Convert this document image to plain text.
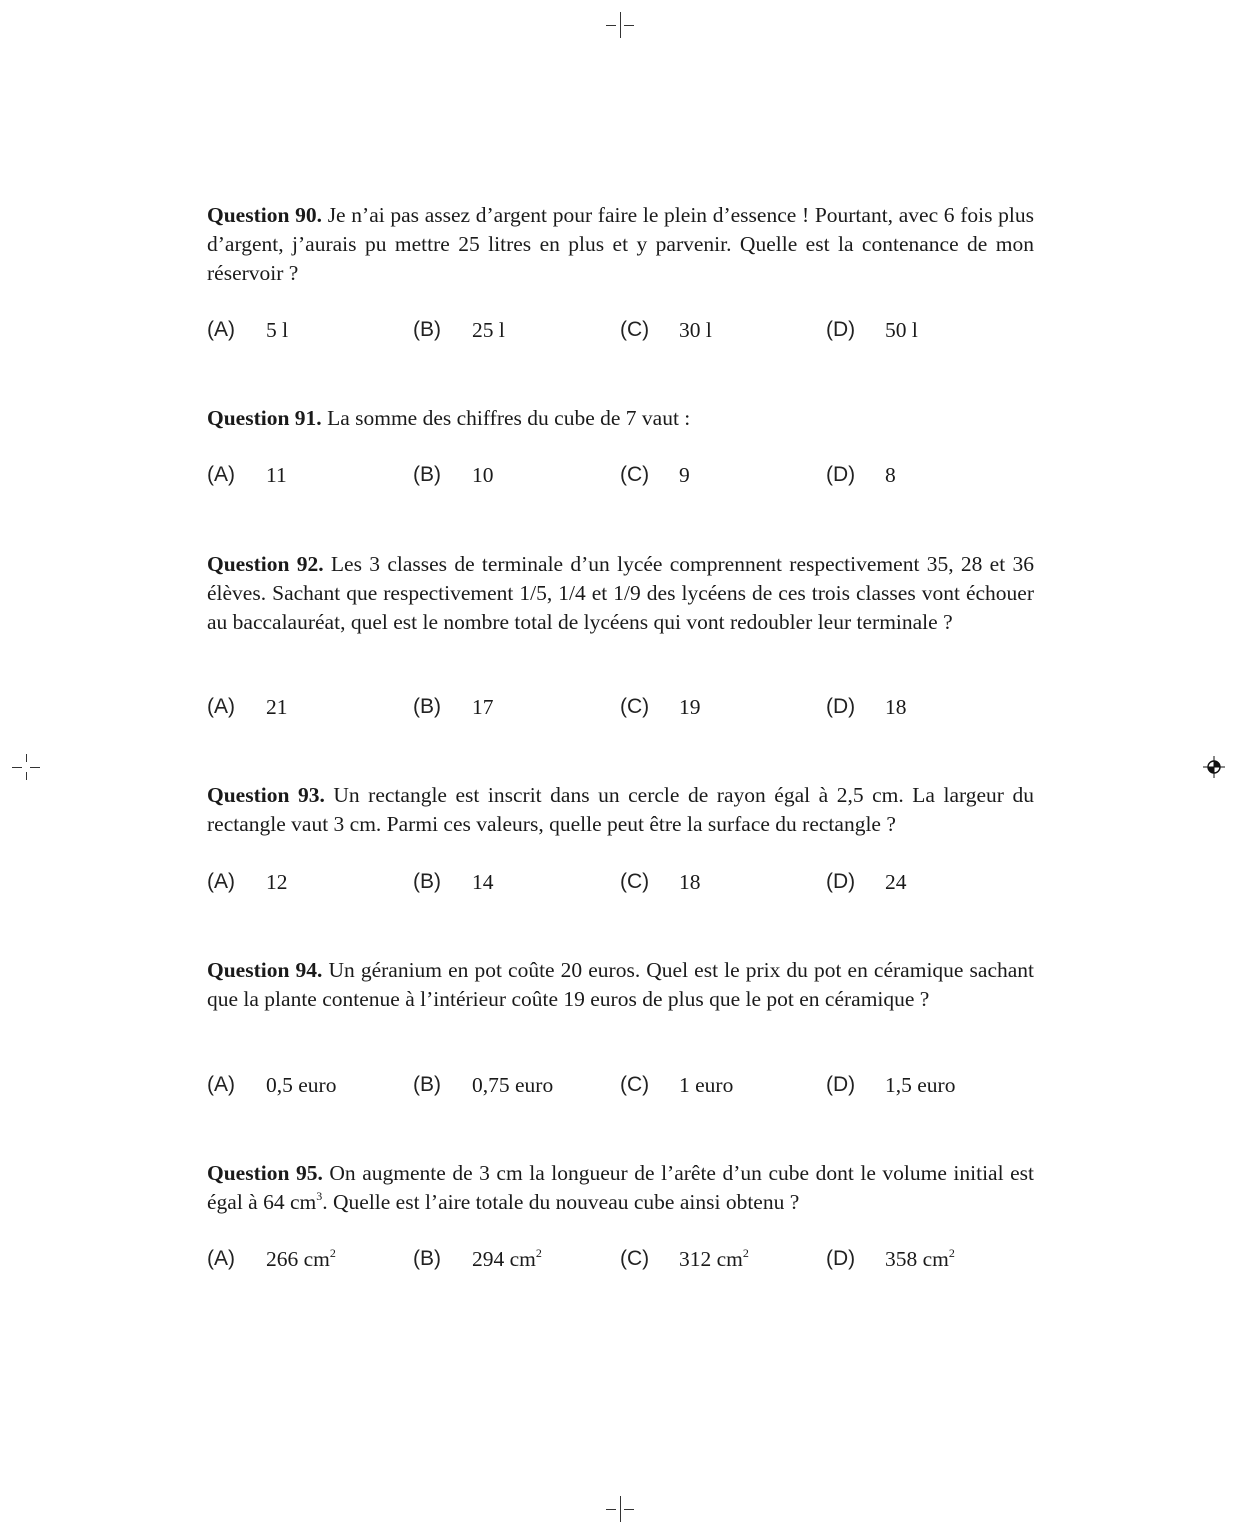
Question 90. Je n’ai pas assez d’argent pour faire le plein d’essence ! Pourtant, avec 6 fois plus d’argent, j’aurais pu mettre 25 litres en plus et y parvenir. Quelle est la contenance de mon réservoir ?

(A) 5 l	(B) 25 l	(C) 30 l	(D) 50 l

Question 91. La somme des chiffres du cube de 7 vaut :

(A) 11	(B) 10	(C) 9	(D) 8

Question 92. Les 3 classes de terminale d’un lycée comprennent respectivement 35, 28 et 36 élèves. Sachant que respectivement 1/5, 1/4 et 1/9 des lycéens de ces trois classes vont échouer au baccalauréat, quel est le nombre total de lycéens qui vont redoubler leur terminale ?

(A) 21	(B) 17	(C) 19	(D) 18

Question 93. Un rectangle est inscrit dans un cercle de rayon égal à 2,5 cm. La largeur du rectangle vaut 3 cm. Parmi ces valeurs, quelle peut être la surface du rectangle ?

(A) 12	(B) 14	(C) 18	(D) 24

Question 94. Un géranium en pot coûte 20 euros. Quel est le prix du pot en céramique sachant que la plante contenue à l’intérieur coûte 19 euros de plus que le pot en céramique ?

(A) 0,5 euro	(B) 0,75 euro	(C) 1 euro	(D) 1,5 euro

Question 95. On augmente de 3 cm la longueur de l’arête d’un cube dont le volume initial est égal à 64 $cm^3$. Quelle est l’aire totale du nouveau cube ainsi obtenu ?

(A) 266 $cm^2$	(B) 294 $cm^2$	(C) 312 $cm^2$	(D) 358 $cm^2$
